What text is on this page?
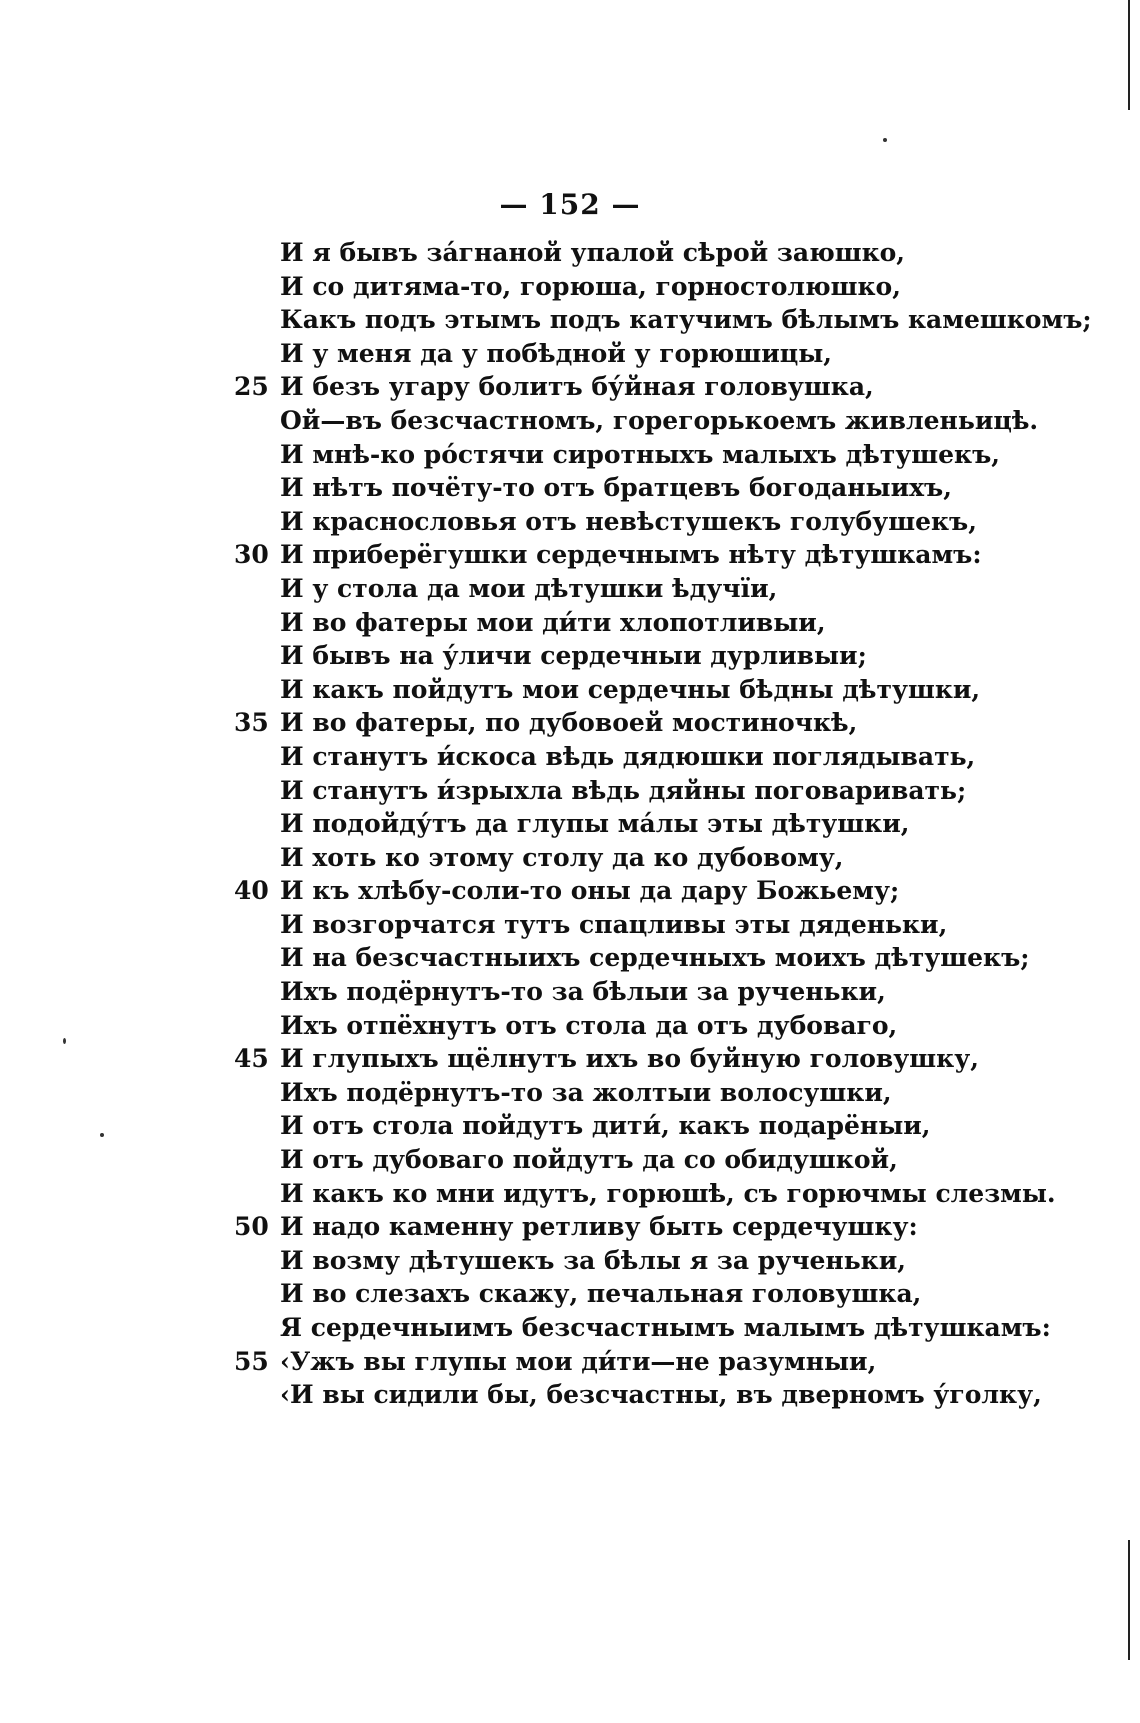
— 152 —
И я бывъ за́гнаной упалой сѣрой заюшко,
И со дитяма-то, горюша, горностолюшко,
Какъ подъ этымъ подъ катучимъ бѣлымъ камешкомъ;
И у меня да у побѣдной у горюшицы,
25 И безъ угару болитъ бу́йная головушка,
Ой—въ безсчастномъ, горегорькоемъ живленьицѣ.
И мнѣ-ко ро́стячи сиротныхъ малыхъ дѣтушекъ,
И нѣтъ почёту-то отъ братцевъ богоданыихъ,
И краснословья отъ невѣстушекъ голубушекъ,
30 И приберёгушки сердечнымъ нѣту дѣтушкамъ:
И у стола да мои дѣтушки ѣдучїи,
И во фатеры мои ди́ти хлопотливыи,
И бывъ на у́личи сердечныи дурливыи;
И какъ пойдутъ мои сердечны бѣдны дѣтушки,
35 И во фатеры, по дубовоей мостиночкѣ,
И станутъ и́скоса вѣдь дядюшки поглядывать,
И станутъ и́зрыхла вѣдь дяйны поговаривать;
И подойду́тъ да глупы ма́лы эты дѣтушки,
И хоть ко этому столу да ко дубовому,
40 И къ хлѣбу-соли-то оны да дару Божьему;
И возгорчатся тутъ спацливы эты дяденьки,
И на безсчастныихъ сердечныхъ моихъ дѣтушекъ;
Ихъ подёрнутъ-то за бѣлыи за рученьки,
Ихъ отпёхнутъ отъ стола да отъ дубоваго,
45 И глупыхъ щёлнутъ ихъ во буйную головушку,
Ихъ подёрнутъ-то за жолтыи волосушки,
И отъ стола пойдутъ дити́, какъ подарёныи,
И отъ дубоваго пойдутъ да со обидушкой,
И какъ ко мни идутъ, горюшѣ, съ горючмы слезмы.
50 И надо каменну ретливу быть сердечушку:
И возму дѣтушекъ за бѣлы я за рученьки,
И во слезахъ скажу, печальная головушка,
Я сердечныимъ безсчастнымъ малымъ дѣтушкамъ:
55 ‹Ужъ вы глупы мои ди́ти—не разумныи,
‹И вы сидили бы, безсчастны, въ дверномъ у́голку,
